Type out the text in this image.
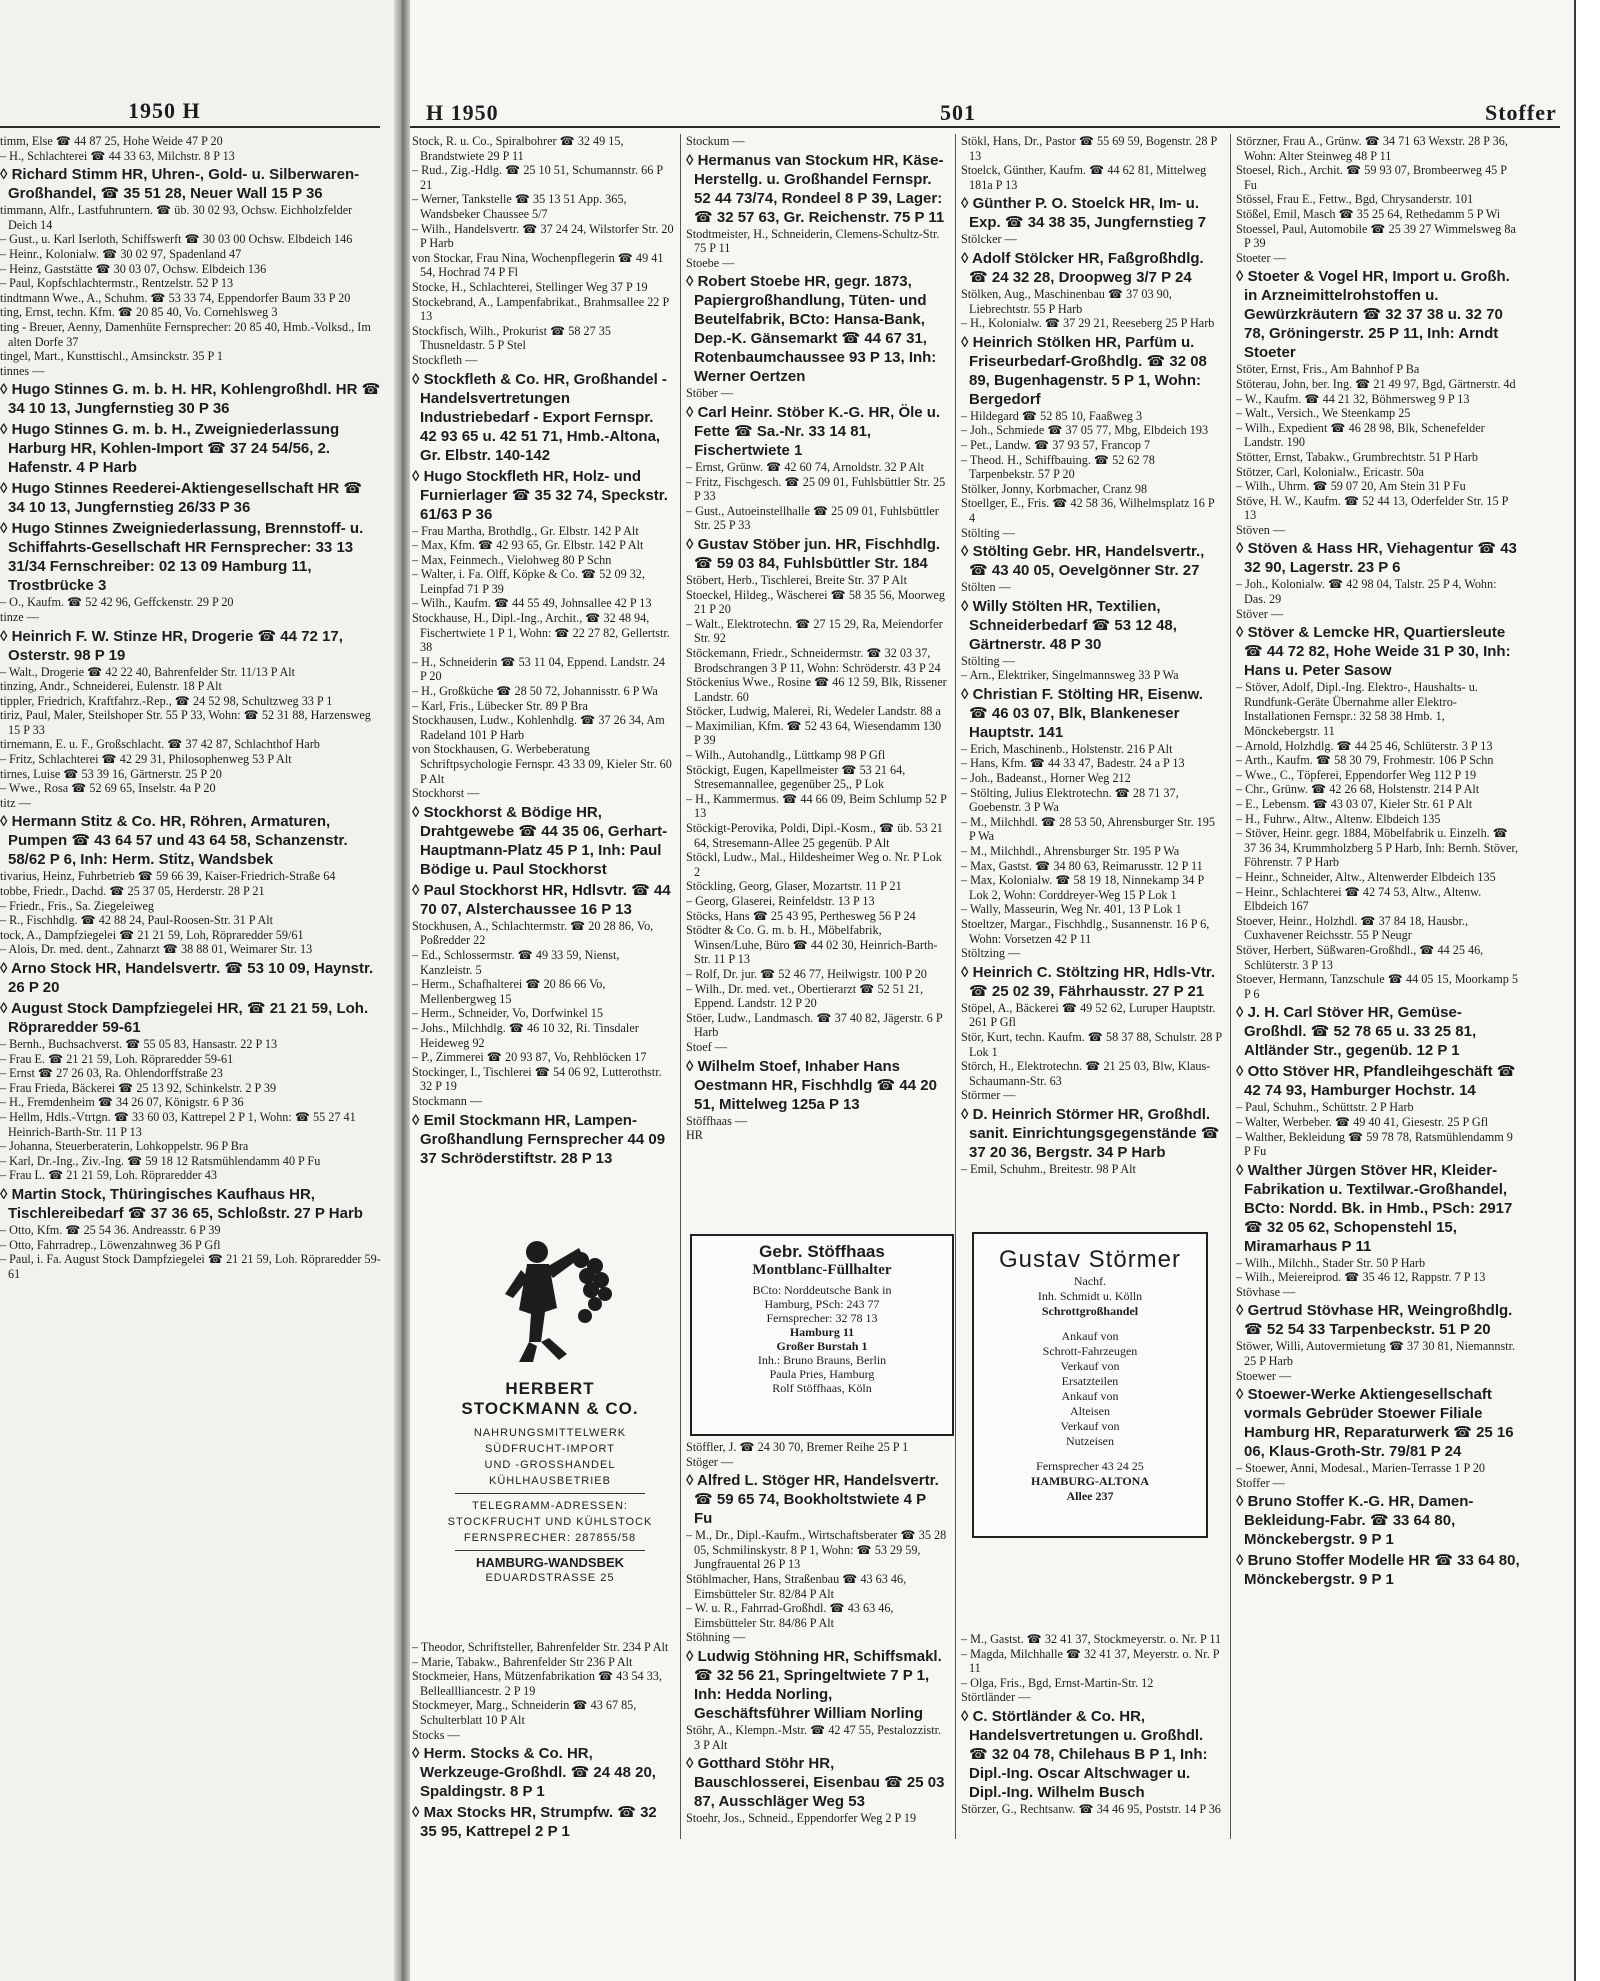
1950 H

timm, Else ☎ 44 87 25, Hohe Weide 47 P 20

– H., Schlachterei ☎ 44 33 63, Milchstr. 8 P 13

◊ Richard Stimm HR, Uhren-, Gold- u. Silberwaren-Großhandel, ☎ 35 51 28, Neuer Wall 15 P 36

timmann, Alfr., Lastfuhruntern. ☎ üb. 30 02 93, Ochsw. Eichholzfelder Deich 14

– Gust., u. Karl Iserloth, Schiffswerft ☎ 30 03 00 Ochsw. Elbdeich 146

– Heinr., Kolonialw. ☎ 30 02 97, Spadenland 47

– Heinz, Gaststätte ☎ 30 03 07, Ochsw. Elbdeich 136

– Paul, Kopfschlachtermstr., Rentzelstr. 52 P 13

tindtmann Wwe., A., Schuhm. ☎ 53 33 74, Eppendorfer Baum 33 P 20

ting, Ernst, techn. Kfm. ☎ 20 85 40, Vo. Cornehlsweg 3

ting - Breuer, Aenny, Damenhüte Fernsprecher: 20 85 40, Hmb.-Volksd., Im alten Dorfe 37

tingel, Mart., Kunsttischl., Amsinckstr. 35 P 1

tinnes —

◊ Hugo Stinnes G. m. b. H. HR, Kohlengroßhdl. HR ☎ 34 10 13, Jungfernstieg 30 P 36

◊ Hugo Stinnes G. m. b. H., Zweigniederlassung Harburg HR, Kohlen-Import ☎ 37 24 54/56, 2. Hafenstr. 4 P Harb

◊ Hugo Stinnes Reederei-Aktiengesellschaft HR ☎ 34 10 13, Jungfernstieg 26/33 P 36

◊ Hugo Stinnes Zweigniederlassung, Brennstoff- u. Schiffahrts-Gesellschaft HR Fernsprecher: 33 13 31/34 Fernschreiber: 02 13 09 Hamburg 11, Trostbrücke 3

– O., Kaufm. ☎ 52 42 96, Geffckenstr. 29 P 20

tinze —

◊ Heinrich F. W. Stinze HR, Drogerie ☎ 44 72 17, Osterstr. 98 P 19

– Walt., Drogerie ☎ 42 22 40, Bahrenfelder Str. 11/13 P Alt

tinzing, Andr., Schneiderei, Eulenstr. 18 P Alt

tippler, Friedrich, Kraftfahrz.-Rep., ☎ 24 52 98, Schultzweg 33 P 1

tiriz, Paul, Maler, Steilshoper Str. 55 P 33, Wohn: ☎ 52 31 88, Harzensweg 15 P 33

tirnemann, E. u. F., Großschlacht. ☎ 37 42 87, Schlachthof Harb

– Fritz, Schlachterei ☎ 42 29 31, Philosophenweg 53 P Alt

tirnes, Luise ☎ 53 39 16, Gärtnerstr. 25 P 20

– Wwe., Rosa ☎ 52 69 65, Inselstr. 4a P 20

titz —

◊ Hermann Stitz & Co. HR, Röhren, Armaturen, Pumpen ☎ 43 64 57 und 43 64 58, Schanzenstr. 58/62 P 6, Inh: Herm. Stitz, Wandsbek

tivarius, Heinz, Fuhrbetrieb ☎ 59 66 39, Kaiser-Friedrich-Straße 64

tobbe, Friedr., Dachd. ☎ 25 37 05, Herderstr. 28 P 21

– Friedr., Fris., Sa. Ziegeleiweg

– R., Fischhdlg. ☎ 42 88 24, Paul-Roosen-Str. 31 P Alt

tock, A., Dampfziegelei ☎ 21 21 59, Loh, Röpraredder 59/61

– Alois, Dr. med. dent., Zahnarzt ☎ 38 88 01, Weimarer Str. 13

◊ Arno Stock HR, Handelsvertr. ☎ 53 10 09, Haynstr. 26 P 20

◊ August Stock Dampfziegelei HR, ☎ 21 21 59, Loh. Röpraredder 59-61

– Bernh., Buchsachverst. ☎ 55 05 83, Hansastr. 22 P 13

– Frau E. ☎ 21 21 59, Loh. Röpraredder 59-61

– Ernst ☎ 27 26 03, Ra. Ohlendorffstraße 23

– Frau Frieda, Bäckerei ☎ 25 13 92, Schinkelstr. 2 P 39

– H., Fremdenheim ☎ 34 26 07, Königstr. 6 P 36

– Hellm, Hdls.-Vtrtgn. ☎ 33 60 03, Kattrepel 2 P 1, Wohn: ☎ 55 27 41 Heinrich-Barth-Str. 11 P 13

– Johanna, Steuerberaterin, Lohkoppelstr. 96 P Bra

– Karl, Dr.-Ing., Ziv.-Ing. ☎ 59 18 12 Ratsmühlendamm 40 P Fu

– Frau L. ☎ 21 21 59, Loh. Röpraredder 43

◊ Martin Stock, Thüringisches Kaufhaus HR, Tischlereibedarf ☎ 37 36 65, Schloßstr. 27 P Harb

– Otto, Kfm. ☎ 25 54 36. Andreasstr. 6 P 39

– Otto, Fahrradrep., Löwenzahnweg 36 P Gfl

– Paul, i. Fa. August Stock Dampfziegelei ☎ 21 21 59, Loh. Röpraredder 59-61

H 1950	501	Stoffer

Stock, R. u. Co., Spiralbohrer ☎ 32 49 15, Brandstwiete 29 P 11

– Rud., Zig.-Hdlg. ☎ 25 10 51, Schumannstr. 66 P 21

– Werner, Tankstelle ☎ 35 13 51 App. 365, Wandsbeker Chaussee 5/7

– Wilh., Handelsvertr. ☎ 37 24 24, Wilstorfer Str. 20 P Harb

von Stockar, Frau Nina, Wochenpflegerin ☎ 49 41 54, Hochrad 74 P Fl

Stocke, H., Schlachterei, Stellinger Weg 37 P 19

Stockebrand, A., Lampenfabrikat., Brahmsallee 22 P 13

Stockfisch, Wilh., Prokurist ☎ 58 27 35 Thusneldastr. 5 P Stel

Stockfleth —

◊ Stockfleth & Co. HR, Großhandel - Handelsvertretungen Industriebedarf - Export Fernspr. 42 93 65 u. 42 51 71, Hmb.-Altona, Gr. Elbstr. 140-142

◊ Hugo Stockfleth HR, Holz- und Furnierlager ☎ 35 32 74, Speckstr. 61/63 P 36

– Frau Martha, Brothdlg., Gr. Elbstr. 142 P Alt

– Max, Kfm. ☎ 42 93 65, Gr. Elbstr. 142 P Alt

– Max, Feinmech., Vielohweg 80 P Schn

– Walter, i. Fa. Olff, Köpke & Co. ☎ 52 09 32, Leinpfad 71 P 39

– Wilh., Kaufm. ☎ 44 55 49, Johnsallee 42 P 13

Stockhause, H., Dipl.-Ing., Archit., ☎ 32 48 94, Fischertwiete 1 P 1, Wohn: ☎ 22 27 82, Gellertstr. 38

– H., Schneiderin ☎ 53 11 04, Eppend. Landstr. 24 P 20

– H., Großküche ☎ 28 50 72, Johannisstr. 6 P Wa

– Karl, Fris., Lübecker Str. 89 P Bra

Stockhausen, Ludw., Kohlenhdlg. ☎ 37 26 34, Am Radeland 101 P Harb

von Stockhausen, G. Werbeberatung Schriftpsychologie Fernspr. 43 33 09, Kieler Str. 60 P Alt

Stockhorst —

◊ Stockhorst & Bödige HR, Drahtgewebe ☎ 44 35 06, Gerhart-Hauptmann-Platz 45 P 1, Inh: Paul Bödige u. Paul Stockhorst

◊ Paul Stockhorst HR, Hdlsvtr. ☎ 44 70 07, Alsterchaussee 16 P 13

Stockhusen, A., Schlachtermstr. ☎ 20 28 86, Vo, Poßredder 22

– Ed., Schlossermstr. ☎ 49 33 59, Nienst, Kanzleistr. 5

– Herm., Schafhalterei ☎ 20 86 66 Vo, Mellenbergweg 15

– Herm., Schneider, Vo, Dorfwinkel 15

– Johs., Milchhdlg. ☎ 46 10 32, Ri. Tinsdaler Heideweg 92

– P., Zimmerei ☎ 20 93 87, Vo, Rehblöcken 17

Stockinger, I., Tischlerei ☎ 54 06 92, Lutterothstr. 32 P 19

Stockmann —

◊ Emil Stockmann HR, Lampen-Großhandlung Fernsprecher 44 09 37 Schröderstiftstr. 28 P 13

Stockum —

◊ Hermanus van Stockum HR, Käse-Herstellg. u. Großhandel Fernspr. 52 44 73/74, Rondeel 8 P 39, Lager: ☎ 32 57 63, Gr. Reichenstr. 75 P 11

Stodtmeister, H., Schneiderin, Clemens-Schultz-Str. 75 P 11

Stoebe —

◊ Robert Stoebe HR, gegr. 1873, Papiergroßhandlung, Tüten- und Beutelfabrik, BCto: Hansa-Bank, Dep.-K. Gänsemarkt ☎ 44 67 31, Rotenbaumchaussee 93 P 13, Inh: Werner Oertzen

Stöber —

◊ Carl Heinr. Stöber K.-G. HR, Öle u. Fette ☎ Sa.-Nr. 33 14 81, Fischertwiete 1

– Ernst, Grünw. ☎ 42 60 74, Arnoldstr. 32 P Alt

– Fritz, Fischgesch. ☎ 25 09 01, Fuhlsbüttler Str. 25 P 33

– Gust., Autoeinstellhalle ☎ 25 09 01, Fuhlsbüttler Str. 25 P 33

◊ Gustav Stöber jun. HR, Fischhdlg. ☎ 59 03 84, Fuhlsbüttler Str. 184

Stöbert, Herb., Tischlerei, Breite Str. 37 P Alt

Stoeckel, Hildeg., Wäscherei ☎ 58 35 56, Moorweg 21 P 20

– Walt., Elektrotechn. ☎ 27 15 29, Ra, Meiendorfer Str. 92

Stöckemann, Friedr., Schneidermstr. ☎ 32 03 37, Brodschrangen 3 P 11, Wohn: Schröderstr. 43 P 24

Stöckenius Wwe., Rosine ☎ 46 12 59, Blk, Rissener Landstr. 60

Stöcker, Ludwig, Malerei, Ri, Wedeler Landstr. 88 a

– Maximilian, Kfm. ☎ 52 43 64, Wiesendamm 130 P 39

– Wilh., Autohandlg., Lüttkamp 98 P Gfl

Stöckigt, Eugen, Kapellmeister ☎ 53 21 64, Stresemannallee, gegenüber 25,, P Lok

– H., Kammermus. ☎ 44 66 09, Beim Schlump 52 P 13

Stöckigt-Perovika, Poldi, Dipl.-Kosm., ☎ üb. 53 21 64, Stresemann-Allee 25 gegenüb. P Alt

Stöckl, Ludw., Mal., Hildesheimer Weg o. Nr. P Lok 2

Stöckling, Georg, Glaser, Mozartstr. 11 P 21

– Georg, Glaserei, Reinfeldstr. 13 P 13

Stöcks, Hans ☎ 25 43 95, Perthesweg 56 P 24

Stödter & Co. G. m. b. H., Möbelfabrik, Winsen/Luhe, Büro ☎ 44 02 30, Heinrich-Barth-Str. 11 P 13

– Rolf, Dr. jur. ☎ 52 46 77, Heilwigstr. 100 P 20

– Wilh., Dr. med. vet., Obertierarzt ☎ 52 51 21, Eppend. Landstr. 12 P 20

Stöer, Ludw., Landmasch. ☎ 37 40 82, Jägerstr. 6 P Harb

Stoef —

◊ Wilhelm Stoef, Inhaber Hans Oestmann HR, Fischhdlg ☎ 44 20 51, Mittelweg 125a P 13

Stöffhaas —

HR

Stökl, Hans, Dr., Pastor ☎ 55 69 59, Bogenstr. 28 P 13

Stoelck, Günther, Kaufm. ☎ 44 62 81, Mittelweg 181a P 13

◊ Günther P. O. Stoelck HR, Im- u. Exp. ☎ 34 38 35, Jungfernstieg 7

Stölcker —

◊ Adolf Stölcker HR, Faßgroßhdlg. ☎ 24 32 28, Droopweg 3/7 P 24

Stölken, Aug., Maschinenbau ☎ 37 03 90, Liebrechtstr. 55 P Harb

– H., Kolonialw. ☎ 37 29 21, Reeseberg 25 P Harb

◊ Heinrich Stölken HR, Parfüm u. Friseurbedarf-Großhdlg. ☎ 32 08 89, Bugenhagenstr. 5 P 1, Wohn: Bergedorf

– Hildegard ☎ 52 85 10, Faaßweg 3

– Joh., Schmiede ☎ 37 05 77, Mbg, Elbdeich 193

– Pet., Landw. ☎ 37 93 57, Francop 7

– Theod. H., Schiffbauing. ☎ 52 62 78 Tarpenbekstr. 57 P 20

Stölker, Jonny, Korbmacher, Cranz 98

Stoellger, E., Fris. ☎ 42 58 36, Wilhelmsplatz 16 P 4

Stölting —

◊ Stölting Gebr. HR, Handelsvertr., ☎ 43 40 05, Oevelgönner Str. 27

Stölten —

◊ Willy Stölten HR, Textilien, Schneiderbedarf ☎ 53 12 48, Gärtnerstr. 48 P 30

Stölting —

– Arn., Elektriker, Singelmannsweg 33 P Wa

◊ Christian F. Stölting HR, Eisenw. ☎ 46 03 07, Blk, Blankeneser Hauptstr. 141

– Erich, Maschinenb., Holstenstr. 216 P Alt

– Hans, Kfm. ☎ 44 33 47, Badestr. 24 a P 13

– Joh., Badeanst., Horner Weg 212

– Stölting, Julius Elektrotechn. ☎ 28 71 37, Goebenstr. 3 P Wa

– M., Milchhdl. ☎ 28 53 50, Ahrensburger Str. 195 P Wa

– M., Milchhdl., Ahrensburger Str. 195 P Wa

– Max, Gastst. ☎ 34 80 63, Reimarusstr. 12 P 11

– Max, Kolonialw. ☎ 58 19 18, Ninnekamp 34 P Lok 2, Wohn: Corddreyer-Weg 15 P Lok 1

– Wally, Masseurin, Weg Nr. 401, 13 P Lok 1

Stoeltzer, Margar., Fischhdlg., Susannenstr. 16 P 6, Wohn: Vorsetzen 42 P 11

Stöltzing —

◊ Heinrich C. Stöltzing HR, Hdls-Vtr. ☎ 25 02 39, Fährhausstr. 27 P 21

Stöpel, A., Bäckerei ☎ 49 52 62, Luruper Hauptstr. 261 P Gfl

Stör, Kurt, techn. Kaufm. ☎ 58 37 88, Schulstr. 28 P Lok 1

Störch, H., Elektrotechn. ☎ 21 25 03, Blw, Klaus-Schaumann-Str. 63

Störmer —

◊ D. Heinrich Störmer HR, Großhdl. sanit. Einrichtungsgegenstände ☎ 37 20 36, Bergstr. 34 P Harb

– Emil, Schuhm., Breitestr. 98 P Alt

Störzner, Frau A., Grünw. ☎ 34 71 63 Wexstr. 28 P 36, Wohn: Alter Steinweg 48 P 11

Stoesel, Rich., Archit. ☎ 59 93 07, Brombeerweg 45 P Fu

Stössel, Frau E., Fettw., Bgd, Chrysanderstr. 101

Stößel, Emil, Masch ☎ 35 25 64, Rethedamm 5 P Wi

Stoessel, Paul, Automobile ☎ 25 39 27 Wimmelsweg 8a P 39

Stoeter —

◊ Stoeter & Vogel HR, Import u. Großh. in Arzneimittelrohstoffen u. Gewürzkräutern ☎ 32 37 38 u. 32 70 78, Gröningerstr. 25 P 11, Inh: Arndt Stoeter

Stöter, Ernst, Fris., Am Bahnhof P Ba

Stöterau, John, ber. Ing. ☎ 21 49 97, Bgd, Gärtnerstr. 4d

– W., Kaufm. ☎ 44 21 32, Böhmersweg 9 P 13

– Walt., Versich., We Steenkamp 25

– Wilh., Expedient ☎ 46 28 98, Blk, Schenefelder Landstr. 190

Stötter, Ernst, Tabakw., Grumbrechtstr. 51 P Harb

Stötzer, Carl, Kolonialw., Ericastr. 50a

– Wilh., Uhrm. ☎ 59 07 20, Am Stein 31 P Fu

Stöve, H. W., Kaufm. ☎ 52 44 13, Oderfelder Str. 15 P 13

Stöven —

◊ Stöven & Hass HR, Viehagentur ☎ 43 32 90, Lagerstr. 23 P 6

– Joh., Kolonialw. ☎ 42 98 04, Talstr. 25 P 4, Wohn: Das. 29

Stöver —

◊ Stöver & Lemcke HR, Quartiersleute ☎ 44 72 82, Hohe Weide 31 P 30, Inh: Hans u. Peter Sasow

– Stöver, Adolf, Dipl.-Ing. Elektro-, Haushalts- u. Rundfunk-Geräte Übernahme aller Elektro-Installationen Fernspr.: 32 58 38 Hmb. 1, Mönckebergstr. 11

– Arnold, Holzhdlg. ☎ 44 25 46, Schlüterstr. 3 P 13

– Arth., Kaufm. ☎ 58 30 79, Frohmestr. 106 P Schn

– Wwe., C., Töpferei, Eppendorfer Weg 112 P 19

– Chr., Grünw. ☎ 42 26 68, Holstenstr. 214 P Alt

– E., Lebensm. ☎ 43 03 07, Kieler Str. 61 P Alt

– H., Fuhrw., Altw., Altenw. Elbdeich 135

– Stöver, Heinr. gegr. 1884, Möbelfabrik u. Einzelh. ☎ 37 36 34, Krummholzberg 5 P Harb, Inh: Bernh. Stöver, Föhrenstr. 7 P Harb

– Heinr., Schneider, Altw., Altenwerder Elbdeich 135

– Heinr., Schlachterei ☎ 42 74 53, Altw., Altenw. Elbdeich 167

Stoever, Heinr., Holzhdl. ☎ 37 84 18, Hausbr., Cuxhavener Reichsstr. 55 P Neugr

Stöver, Herbert, Süßwaren-Großhdl., ☎ 44 25 46, Schlüterstr. 3 P 13

Stoever, Hermann, Tanzschule ☎ 44 05 15, Moorkamp 5 P 6

◊ J. H. Carl Stöver HR, Gemüse-Großhdl. ☎ 52 78 65 u. 33 25 81, Altländer Str., gegenüb. 12 P 1

◊ Otto Stöver HR, Pfandleihgeschäft ☎ 42 74 93, Hamburger Hochstr. 14

– Paul, Schuhm., Schüttstr. 2 P Harb

– Walter, Werbeber. ☎ 49 40 41, Giesestr. 25 P Gfl

– Walther, Bekleidung ☎ 59 78 78, Ratsmühlendamm 9 P Fu

◊ Walther Jürgen Stöver HR, Kleider-Fabrikation u. Textilwar.-Großhandel, BCto: Nordd. Bk. in Hmb., PSch: 2917 ☎ 32 05 62, Schopenstehl 15, Miramarhaus P 11

– Wilh., Milchh., Stader Str. 50 P Harb

– Wilh., Meiereiprod. ☎ 35 46 12, Rappstr. 7 P 13

Stövhase —

◊ Gertrud Stövhase HR, Weingroßhdlg. ☎ 52 54 33 Tarpenbeckstr. 51 P 20

Stöwer, Willi, Autovermietung ☎ 37 30 81, Niemannstr. 25 P Harb

Stoewer —

◊ Stoewer-Werke Aktiengesellschaft vormals Gebrüder Stoewer Filiale Hamburg HR, Reparaturwerk ☎ 25 16 06, Klaus-Groth-Str. 79/81 P 24

– Stoewer, Anni, Modesal., Marien-Terrasse 1 P 20

Stoffer —

◊ Bruno Stoffer K.-G. HR, Damen-Bekleidung-Fabr. ☎ 33 64 80, Mönckebergstr. 9 P 1

◊ Bruno Stoffer Modelle HR ☎ 33 64 80, Mönckebergstr. 9 P 1

– Theodor, Schriftsteller, Bahrenfelder Str. 234 P Alt

– Marie, Tabakw., Bahrenfelder Str 236 P Alt

Stockmeier, Hans, Mützenfabrikation ☎ 43 54 33, Belleallliancestr. 2 P 19

Stockmeyer, Marg., Schneiderin ☎ 43 67 85, Schulterblatt 10 P Alt

Stocks —

◊ Herm. Stocks & Co. HR, Werkzeuge-Großhdl. ☎ 24 48 20, Spaldingstr. 8 P 1

◊ Max Stocks HR, Strumpfw. ☎ 32 35 95, Kattrepel 2 P 1

Stöffler, J. ☎ 24 30 70, Bremer Reihe 25 P 1

Stöger —

◊ Alfred L. Stöger HR, Handelsvertr. ☎ 59 65 74, Bookholtstwiete 4 P Fu

– M., Dr., Dipl.-Kaufm., Wirtschaftsberater ☎ 35 28 05, Schmilinskystr. 8 P 1, Wohn: ☎ 53 29 59, Jungfrauental 26 P 13

Stöhlmacher, Hans, Straßenbau ☎ 43 63 46, Eimsbütteler Str. 82/84 P Alt

– W. u. R., Fahrrad-Großhdl. ☎ 43 63 46, Eimsbütteler Str. 84/86 P Alt

Stöhning —

◊ Ludwig Stöhning HR, Schiffsmakl. ☎ 32 56 21, Springeltwiete 7 P 1, Inh: Hedda Norling, Geschäftsführer William Norling

Stöhr, A., Klempn.-Mstr. ☎ 42 47 55, Pestalozzistr. 3 P Alt

◊ Gotthard Stöhr HR, Bauschlosserei, Eisenbau ☎ 25 03 87, Ausschläger Weg 53

Stoehr, Jos., Schneid., Eppendorfer Weg 2 P 19

– M., Gastst. ☎ 32 41 37, Stockmeyerstr. o. Nr. P 11

– Magda, Milchhalle ☎ 32 41 37, Meyerstr. o. Nr. P 11

– Olga, Fris., Bgd, Ernst-Martin-Str. 12

Störtländer —

◊ C. Störtländer & Co. HR, Handelsvertretungen u. Großhdl. ☎ 32 04 78, Chilehaus B P 1, Inh: Dipl.-Ing. Oscar Altschwager u. Dipl.-Ing. Wilhelm Busch

Störzer, G., Rechtsanw. ☎ 34 46 95, Poststr. 14 P 36

HERBERT
STOCKMANN & CO.
NAHRUNGSMITTELWERK
SÜDFRUCHT-IMPORT
UND -GROSSHANDEL
KÜHLHAUSBETRIEB
TELEGRAMM-ADRESSEN: STOCKFRUCHT UND KÜHLSTOCK
FERNSPRECHER: 287855/58
HAMBURG-WANDSBEK
EDUARDSTRASSE 25
Gebr. Stöffhaas
Montblanc-Füllhalter
BCto: Norddeutsche Bank in
Hamburg, PSch: 243 77
Fernsprecher: 32 78 13
Hamburg 11
Großer Burstah 1
Inh.: Bruno Brauns, Berlin
Paula Pries, Hamburg
Rolf Stöffhaas, Köln
Gustav Störmer
Nachf.
Inh. Schmidt u. Kölln
Schrottgroßhandel
Ankauf von
Schrott-Fahrzeugen
Verkauf von
Ersatzteilen
Ankauf von
Alteisen
Verkauf von
Nutzeisen
Fernsprecher 43 24 25
HAMBURG-ALTONA
Allee 237
